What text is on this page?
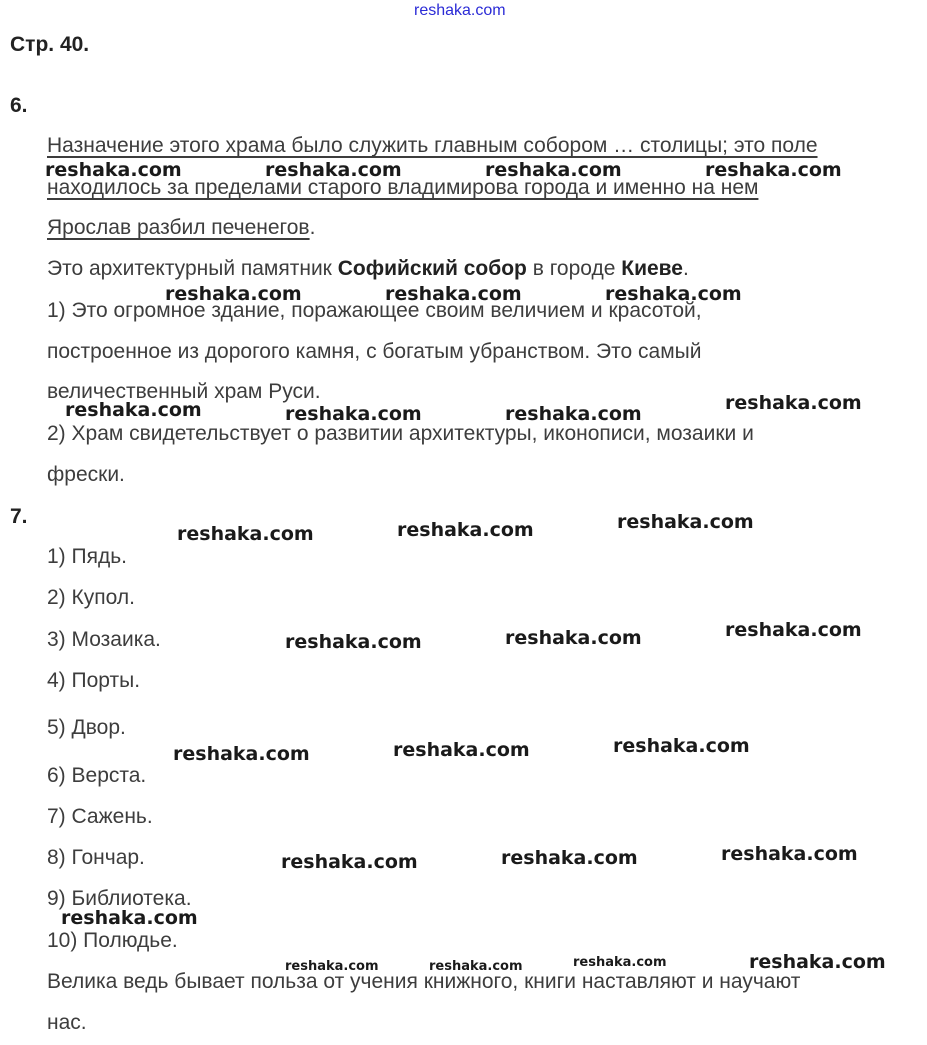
reshaka.com
Стр. 40.
6.
Назначение этого храма было служить главным собором … столицы; это поле
находилось за пределами старого владимирова города и именно на нем
Ярослав разбил печенегов.
Это архитектурный памятник Софийский собор в городе Киеве.
1) Это огромное здание, поражающее своим величием и красотой,
построенное из дорогого камня, с богатым убранством. Это самый
величественный храм Руси.
2) Храм свидетельствует о развитии архитектуры, иконописи, мозаики и
фрески.
7.
1) Пядь.
2) Купол.
3) Мозаика.
4) Порты.
5) Двор.
6) Верста.
7) Сажень.
8) Гончар.
9) Библиотека.
10) Полюдье.
Велика ведь бывает польза от учения книжного, книги наставляют и научают
нас.
reshaka.com	reshaka.com	reshaka.com	reshaka.com
reshaka.com	reshaka.com	reshaka.com
reshaka.com	reshaka.com	reshaka.com	reshaka.com
reshaka.com	reshaka.com	reshaka.com
reshaka.com	reshaka.com	reshaka.com
reshaka.com	reshaka.com	reshaka.com
reshaka.com	reshaka.com	reshaka.com
reshaka.com
reshaka.com	reshaka.com	reshaka.com	reshaka.com
